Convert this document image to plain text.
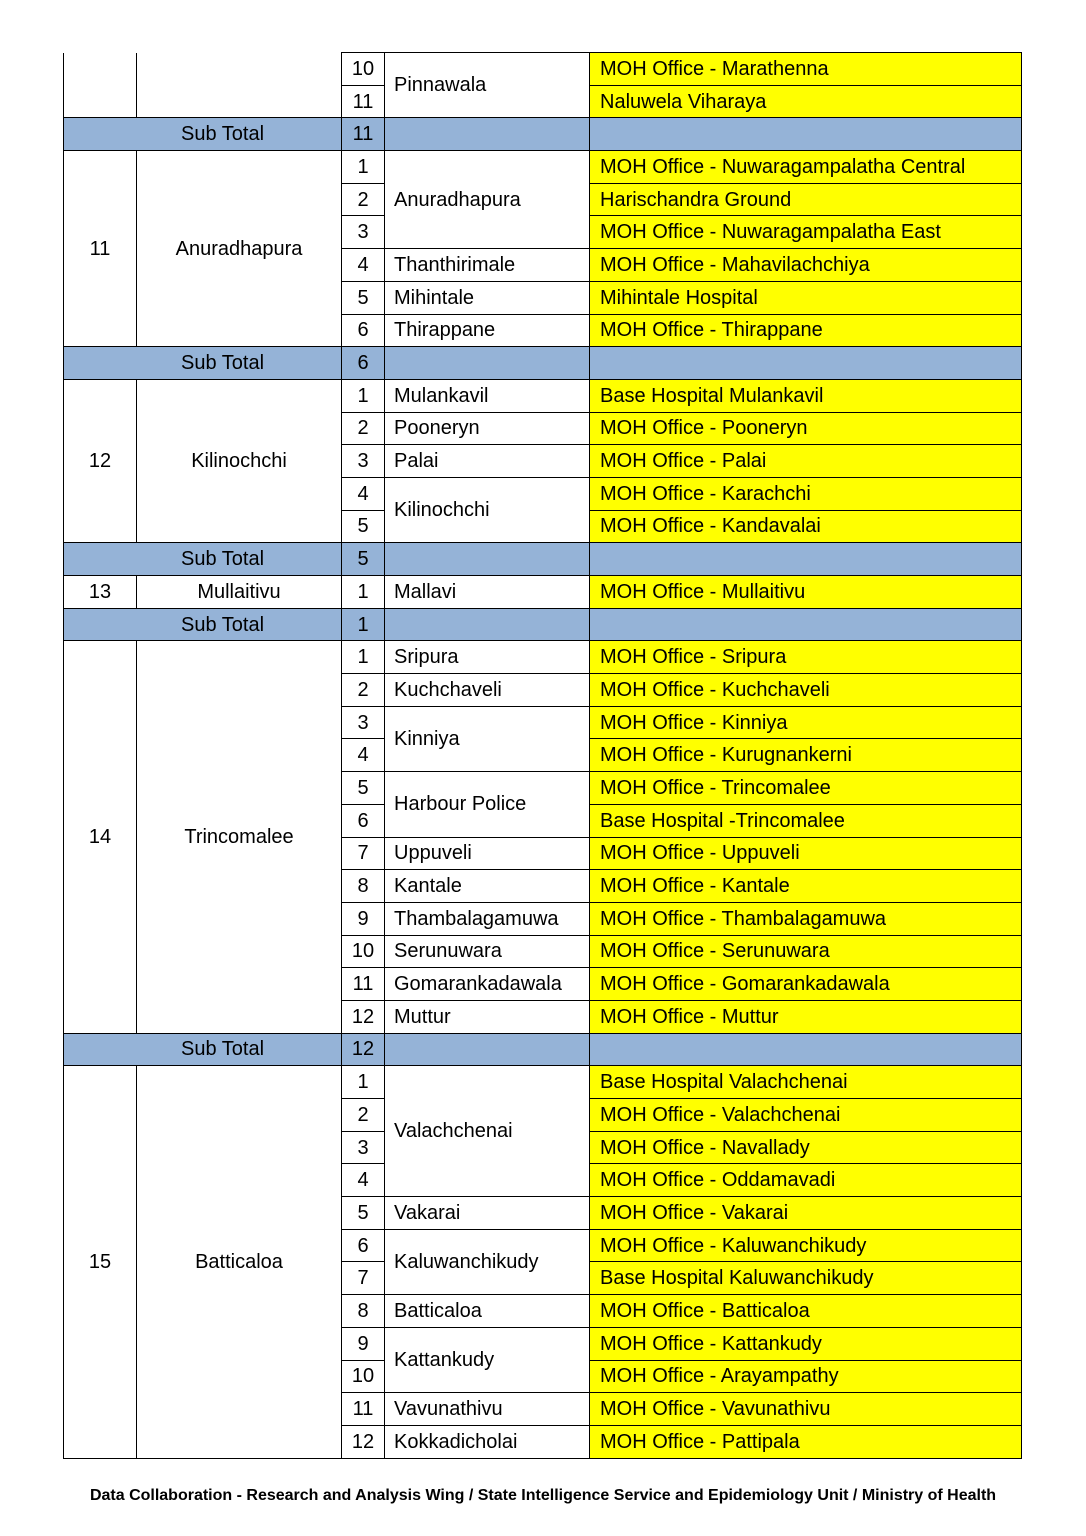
		10	Pinnawala	MOH Office - Marathenna
		11		Naluwela Viharaya
Sub Total		11		
11	Anuradhapura	1	Anuradhapura	MOH Office - Nuwaragampalatha Central
		2		Harischandra Ground
		3		MOH Office - Nuwaragampalatha East
		4	Thanthirimale	MOH Office - Mahavilachchiya
		5	Mihintale	Mihintale Hospital
		6	Thirappane	MOH Office - Thirappane
Sub Total		6		
12	Kilinochchi	1	Mulankavil	Base Hospital Mulankavil
		2	Pooneryn	MOH Office - Pooneryn
		3	Palai	MOH Office - Palai
		4	Kilinochchi	MOH Office - Karachchi
		5		MOH Office - Kandavalai
Sub Total		5		
13	Mullaitivu	1	Mallavi	MOH Office - Mullaitivu
Sub Total		1		
14	Trincomalee	1	Sripura	MOH Office - Sripura
		2	Kuchchaveli	MOH Office - Kuchchaveli
		3	Kinniya	MOH Office - Kinniya
		4		MOH Office - Kurugnankerni
		5	Harbour Police	MOH Office - Trincomalee
		6		Base Hospital -Trincomalee
		7	Uppuveli	MOH Office - Uppuveli
		8	Kantale	MOH Office - Kantale
		9	Thambalagamuwa	MOH Office - Thambalagamuwa
		10	Serunuwara	MOH Office - Serunuwara
		11	Gomarankadawala	MOH Office - Gomarankadawala
		12	Muttur	MOH Office - Muttur
Sub Total		12		
15	Batticaloa	1	Valachchenai	Base Hospital Valachchenai
		2		MOH Office - Valachchenai
		3		MOH Office - Navallady
		4		MOH Office - Oddamavadi
		5	Vakarai	MOH Office - Vakarai
		6	Kaluwanchikudy	MOH Office - Kaluwanchikudy
		7		Base Hospital Kaluwanchikudy
		8	Batticaloa	MOH Office - Batticaloa
		9	Kattankudy	MOH Office - Kattankudy
		10		MOH Office - Arayampathy
		11	Vavunathivu	MOH Office - Vavunathivu
		12	Kokkadicholai	MOH Office - Pattipala
Data Collaboration - Research and Analysis Wing / State Intelligence Service and Epidemiology Unit / Ministry of Health
